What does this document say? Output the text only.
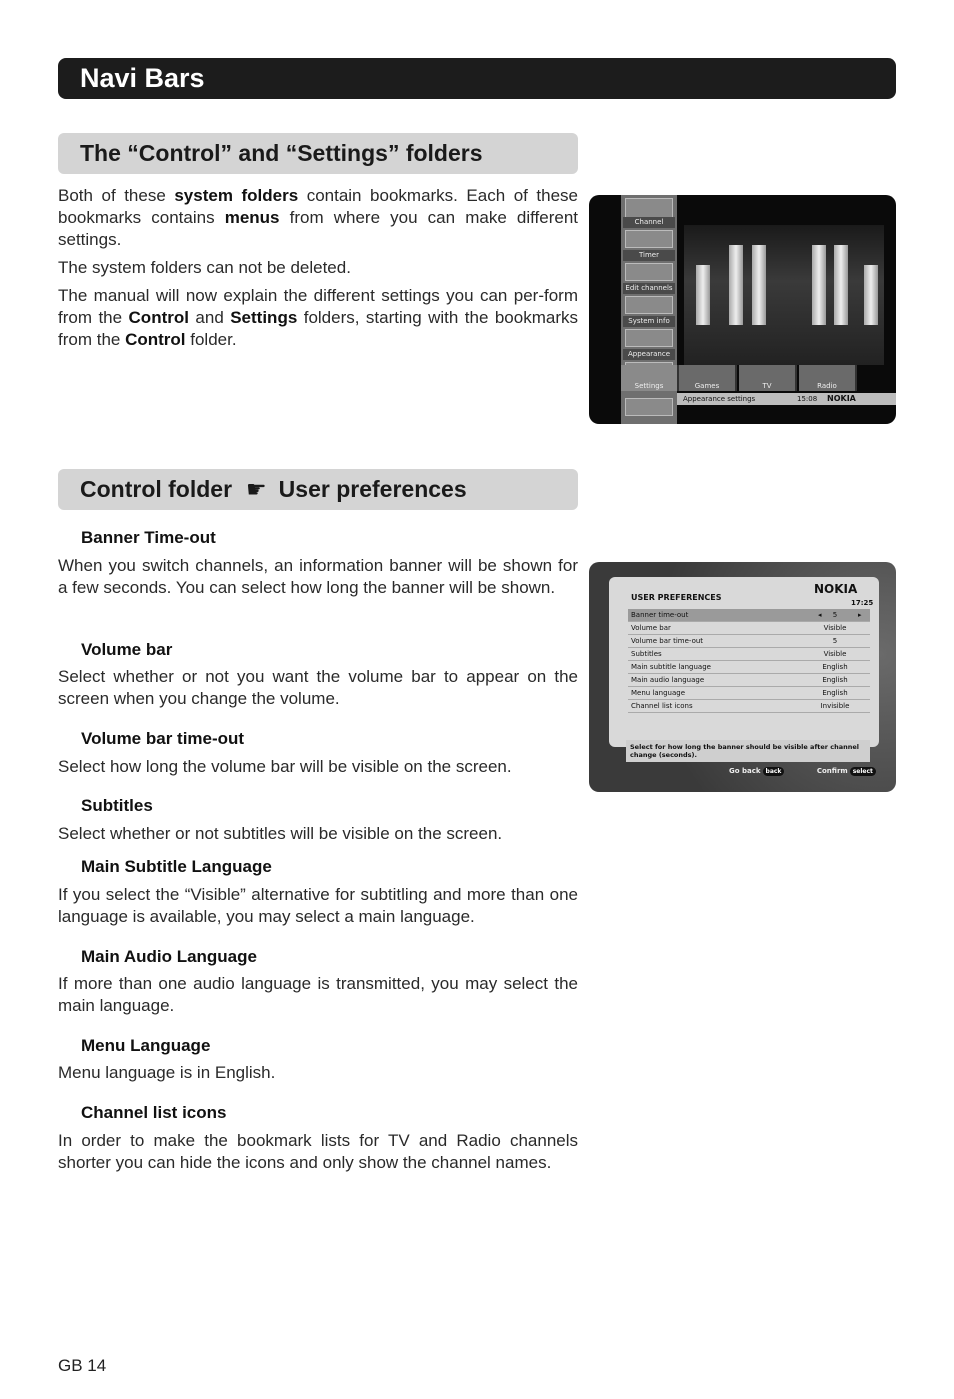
Navi Bars
The “Control” and “Settings” folders
Both of these system folders contain bookmarks. Each of these bookmarks contains menus from where you can make different settings.
The system folders can not be deleted.
The manual will now explain the different settings you can per-form from the Control and Settings folders, starting with the bookmarks from the Control folder.
Channel
Timer
Edit channels
System info
Appearance
Settings	Games	TV	Radio
Appearance settings	15:08 NOKIA
Control folder ☛ User preferences
Banner Time-out
When you switch channels, an information banner will be shown for a few seconds. You can select how long the banner will be shown.
Volume bar
Select whether or not you want the volume bar to appear on the screen when you change the volume.
Volume bar time-out
Select how long the volume bar will be visible on the screen.
Subtitles
Select whether or not subtitles will be visible on the screen.
Main Subtitle Language
If you select the “Visible” alternative for subtitling and more than one language is available, you may select a main language.
Main Audio Language
If more than one audio language is transmitted, you may select the main language.
Menu Language
Menu language is in English.
Channel list icons
In order to make the bookmark lists for TV and Radio channels shorter you can hide the icons and only show the channel names.
NOKIA
17:25
USER PREFERENCES
Banner time-out	◂	5	▸
Volume bar	Visible
Volume bar time-out	5
Subtitles	Visible
Main subtitle language	English
Main audio language	English
Menu language	English
Channel list icons	Invisible
Select for how long the banner should be visible after channel change (seconds).
Go back back	Confirm select
GB 14
